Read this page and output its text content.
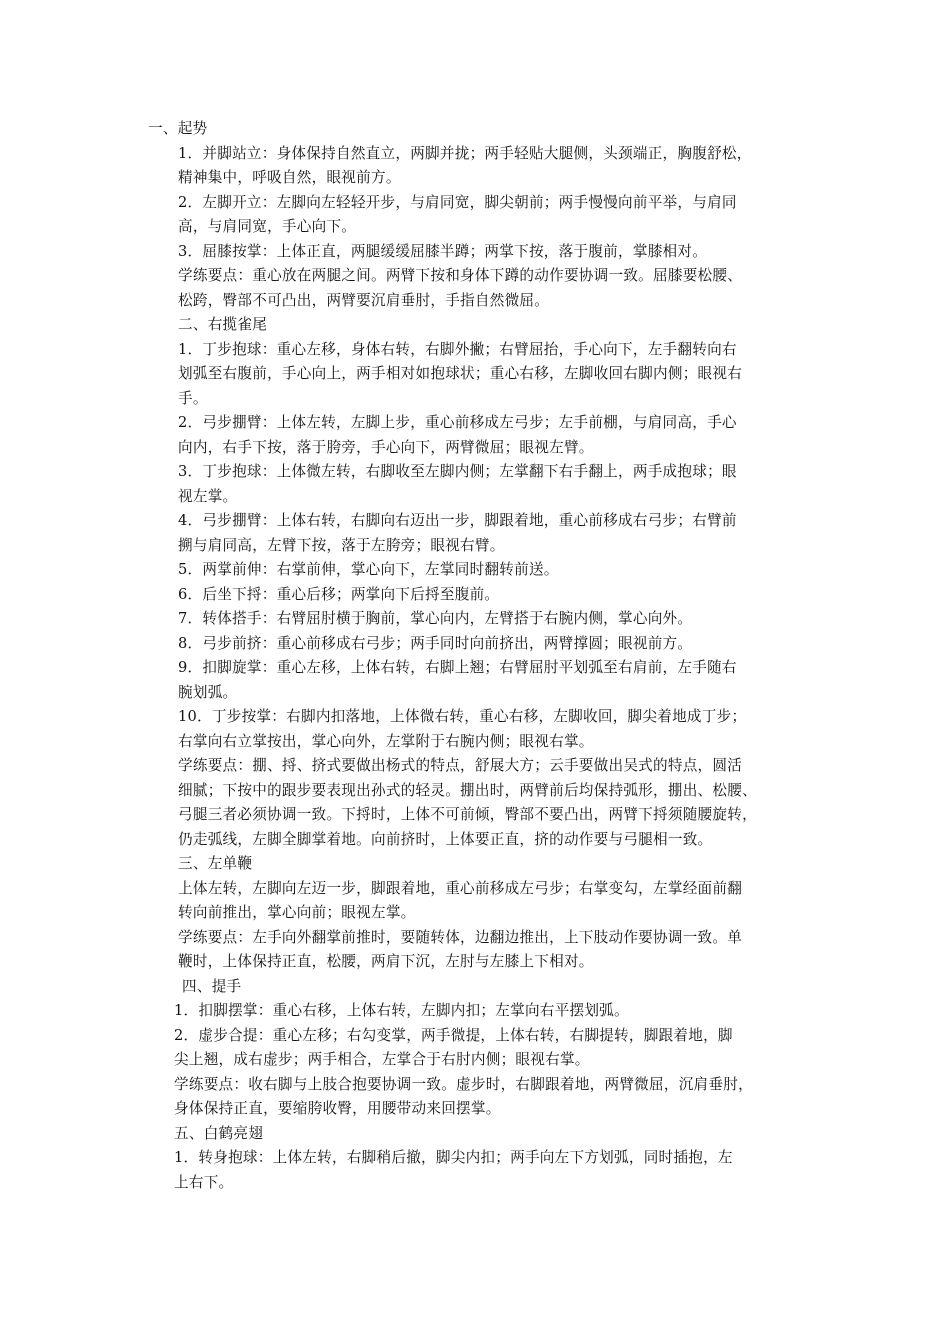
一、起势
1．并脚站立：身体保持自然直立，两脚并拢；两手轻贴大腿侧，头颈端正，胸腹舒松，
精神集中，呼吸自然，眼视前方。
2．左脚开立：左脚向左轻轻开步，与肩同宽，脚尖朝前；两手慢慢向前平举，与肩同
高，与肩同宽，手心向下。
3．屈膝按掌：上体正直，两腿缓缓屈膝半蹲；两掌下按，落于腹前，掌膝相对。
学练要点：重心放在两腿之间。两臂下按和身体下蹲的动作要协调一致。屈膝要松腰、
松跨，臀部不可凸出，两臂要沉肩垂肘，手指自然微屈。
二、右揽雀尾
1．丁步抱球：重心左移，身体右转，右脚外撇；右臂屈抬，手心向下，左手翻转向右
划弧至右腹前，手心向上，两手相对如抱球状；重心右移，左脚收回右脚内侧；眼视右
手。
2．弓步掤臂：上体左转，左脚上步，重心前移成左弓步；左手前棚，与肩同高，手心
向内，右手下按，落于胯旁，手心向下，两臂微屈；眼视左臂。
3．丁步抱球：上体微左转，右脚收至左脚内侧；左掌翻下右手翻上，两手成抱球；眼
视左掌。
4．弓步掤臂：上体右转，右脚向右迈出一步，脚跟着地，重心前移成右弓步；右臂前
搠与肩同高，左臂下按，落于左胯旁；眼视右臂。
5．两掌前伸：右掌前伸，掌心向下，左掌同时翻转前送。
6．后坐下捋：重心后移；两掌向下后捋至腹前。
7．转体搭手：右臂屈肘横于胸前，掌心向内，左臂搭于右腕内侧，掌心向外。
8．弓步前挤：重心前移成右弓步；两手同时向前挤出，两臂撑圆；眼视前方。
9．扣脚旋掌：重心左移，上体右转，右脚上翘；右臂屈肘平划弧至右肩前，左手随右
腕划弧。
10．丁步按掌：右脚内扣落地，上体微右转，重心右移，左脚收回，脚尖着地成丁步；
右掌向右立掌按出，掌心向外，左掌附于右腕内侧；眼视右掌。
学练要点：掤、捋、挤式要做出杨式的特点，舒展大方；云手要做出吴式的特点，圆活
细腻；下按中的跟步要表现出孙式的轻灵。掤出时，两臂前后均保持弧形，掤出、松腰、
弓腿三者必须协调一致。下捋时，上体不可前倾，臀部不要凸出，两臂下捋须随腰旋转，
仍走弧线，左脚全脚掌着地。向前挤时，上体要正直，挤的动作要与弓腿相一致。
三、左单鞭
上体左转，左脚向左迈一步，脚跟着地，重心前移成左弓步；右掌变勾，左掌经面前翻
转向前推出，掌心向前；眼视左掌。
学练要点：左手向外翻掌前推时，要随转体，边翻边推出，上下肢动作要协调一致。单
鞭时，上体保持正直，松腰，两肩下沉，左肘与左膝上下相对。
四、提手
1．扣脚摆掌：重心右移，上体右转，左脚内扣；左掌向右平摆划弧。
2．虚步合提：重心左移；右勾变掌，两手微提，上体右转，右脚提转，脚跟着地，脚
尖上翘，成右虚步；两手相合，左掌合于右肘内侧；眼视右掌。
学练要点：收右脚与上肢合抱要协调一致。虚步时，右脚跟着地，两臂微屈，沉肩垂肘，
身体保持正直，要缩胯收臀，用腰带动来回摆掌。
五、白鹤亮翅
1．转身抱球：上体左转，右脚稍后撤，脚尖内扣；两手向左下方划弧，同时插抱，左
上右下。
